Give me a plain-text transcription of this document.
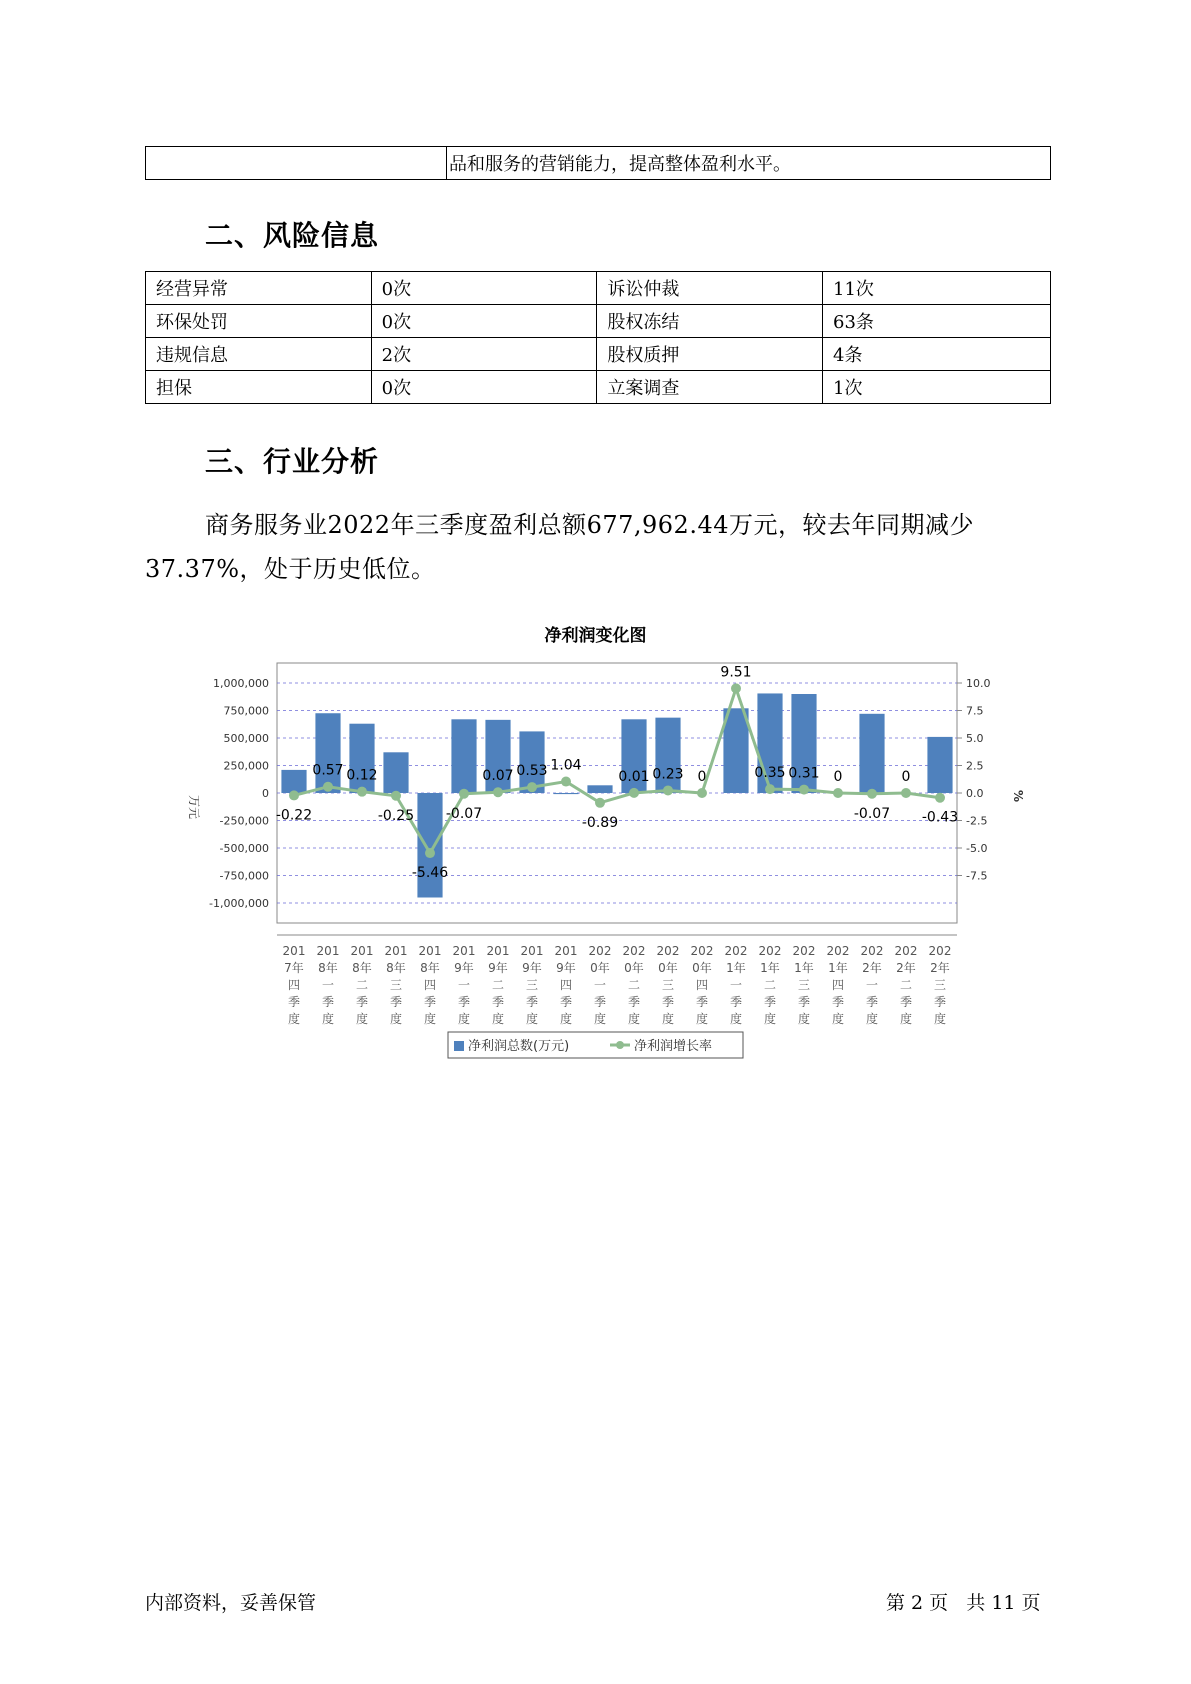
	品和服务的营销能力，提高整体盈利水平。
二、风险信息
经营异常	0次	诉讼仲裁	11次
环保处罚	0次	股权冻结	63条
违规信息	2次	股权质押	4条
担保	0次	立案调查	1次
三、行业分析
商务服务业2022年三季度盈利总额677,962.44万元，较去年同期减少37.37%，处于历史低位。
净利润变化图
1,000,000
750,000
500,000
250,000
0
-250,000
-500,000
-750,000
-1,000,000
10.0
7.5
5.0
2.5
0.0
-2.5
-5.0
-7.5
万元	%
-0.22
0.57 0.12
-0.25
-5.46
-0.07
0.07 0.53 1.04
-0.89
0.01 0.23 0
9.51
0.35 0.31 0
-0.07
0
-0.43
201
7年
四
季
度
201
8年
一
季
度
201
8年
二
季
度
201
8年
三
季
度
201
8年
四
季
度
201
9年
一
季
度
201
9年
二
季
度
201
9年
三
季
度
201
9年
四
季
度
202
0年
一
季
度
202
0年
二
季
度
202
0年
三
季
度
202
0年
四
季
度
202
1年
一
季
度
202
1年
二
季
度
202
1年
三
季
度
202
1年
四
季
度
202
2年
一
季
度
202
2年
二
季
度
202
2年
三
季
度
净利润总数(万元)	净利润增长率
内部资料，妥善保管	第 2 页   共 11 页
